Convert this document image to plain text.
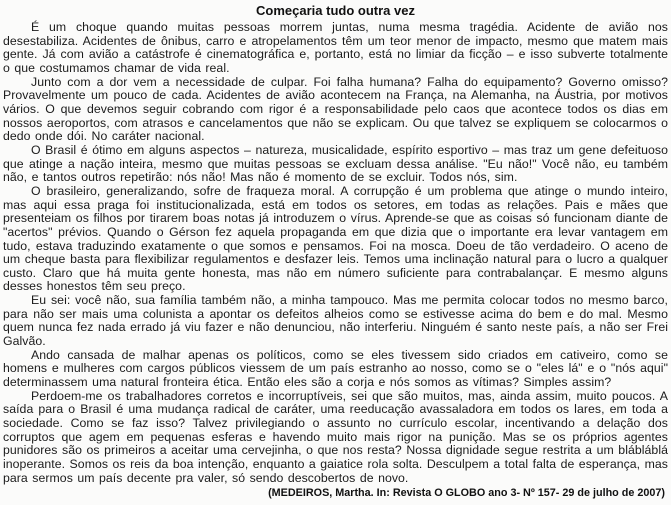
Começaria tudo outra vez

É um choque quando muitas pessoas morrem juntas, numa mesma tragédia. Acidente de avião nos desestabiliza. Acidentes de ônibus, carro e atropelamentos têm um teor menor de impacto, mesmo que matem mais gente. Já com avião a catástrofe é cinematográfica e, portanto, está no limiar da ficção – e isso subverte totalmente o que costumamos chamar de vida real.

Junto com a dor vem a necessidade de culpar. Foi falha humana? Falha do equipamento? Governo omisso? Provavelmente um pouco de cada. Acidentes de avião acontecem na França, na Alemanha, na Áustria, por motivos vários. O que devemos seguir cobrando com rigor é a responsabilidade pelo caos que acontece todos os dias em nossos aeroportos, com atrasos e cancelamentos que não se explicam. Ou que talvez se expliquem se colocarmos o dedo onde dói. No caráter nacional.

O Brasil é ótimo em alguns aspectos – natureza, musicalidade, espírito esportivo – mas traz um gene defeituoso que atinge a nação inteira, mesmo que muitas pessoas se excluam dessa análise. "Eu não!" Você não, eu também não, e tantos outros repetirão: nós não! Mas não é momento de se excluir. Todos nós, sim.

O brasileiro, generalizando, sofre de fraqueza moral. A corrupção é um problema que atinge o mundo inteiro, mas aqui essa praga foi institucionalizada, está em todos os setores, em todas as relações. Pais e mães que presenteiam os filhos por tirarem boas notas já introduzem o vírus. Aprende-se que as coisas só funcionam diante de "acertos" prévios. Quando o Gérson fez aquela propaganda em que dizia que o importante era levar vantagem em tudo, estava traduzindo exatamente o que somos e pensamos. Foi na mosca. Doeu de tão verdadeiro. O aceno de um cheque basta para flexibilizar regulamentos e desfazer leis. Temos uma inclinação natural para o lucro a qualquer custo. Claro que há muita gente honesta, mas não em número suficiente para contrabalançar. E mesmo alguns desses honestos têm seu preço.

Eu sei: você não, sua família também não, a minha tampouco. Mas me permita colocar todos no mesmo barco, para não ser mais uma colunista a apontar os defeitos alheios como se estivesse acima do bem e do mal. Mesmo quem nunca fez nada errado já viu fazer e não denunciou, não interferiu. Ninguém é santo neste país, a não ser Frei Galvão.

Ando cansada de malhar apenas os políticos, como se eles tivessem sido criados em cativeiro, como se homens e mulheres com cargos públicos viessem de um país estranho ao nosso, como se o "eles lá" e o "nós aqui" determinassem uma natural fronteira ética. Então eles são a corja e nós somos as vítimas? Simples assim?

Perdoem-me os trabalhadores corretos e incorruptíveis, sei que são muitos, mas, ainda assim, muito poucos. A saída para o Brasil é uma mudança radical de caráter, uma reeducação avassaladora em todos os lares, em toda a sociedade. Como se faz isso? Talvez privilegiando o assunto no currículo escolar, incentivando a delação dos corruptos que agem em pequenas esferas e havendo muito mais rigor na punição. Mas se os próprios agentes punidores são os primeiros a aceitar uma cervejinha, o que nos resta? Nossa dignidade segue restrita a um blábláblá inoperante. Somos os reis da boa intenção, enquanto a gaiatice rola solta. Desculpem a total falta de esperança, mas para sermos um país decente pra valer, só sendo descobertos de novo.

(MEDEIROS, Martha. In: Revista O GLOBO ano 3- Nº 157- 29 de julho de 2007)
